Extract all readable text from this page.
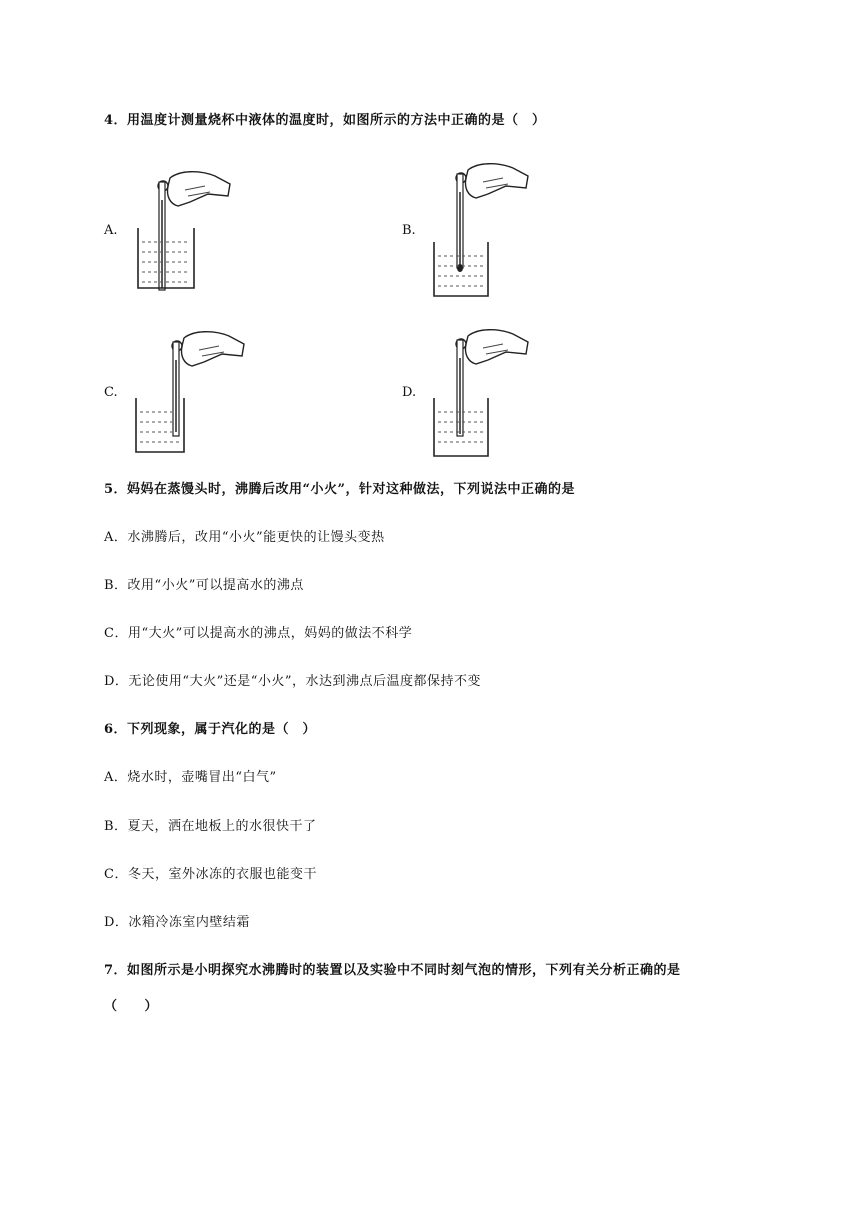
4．用温度计测量烧杯中液体的温度时，如图所示的方法中正确的是（　）
A.	B.
C.	D.
5．妈妈在蒸馒头时，沸腾后改用“小火”，针对这种做法，下列说法中正确的是
A．水沸腾后，改用“小火”能更快的让馒头变热
B．改用“小火”可以提高水的沸点
C．用“大火”可以提高水的沸点，妈妈的做法不科学
D．无论使用“大火”还是“小火”，水达到沸点后温度都保持不变
6．下列现象，属于汽化的是（　）
A．烧水时，壶嘴冒出“白气”
B．夏天，洒在地板上的水很快干了
C．冬天，室外冰冻的衣服也能变干
D．冰箱冷冻室内壁结霜
7．如图所示是小明探究水沸腾时的装置以及实验中不同时刻气泡的情形，下列有关分析正确的是
（　　）
